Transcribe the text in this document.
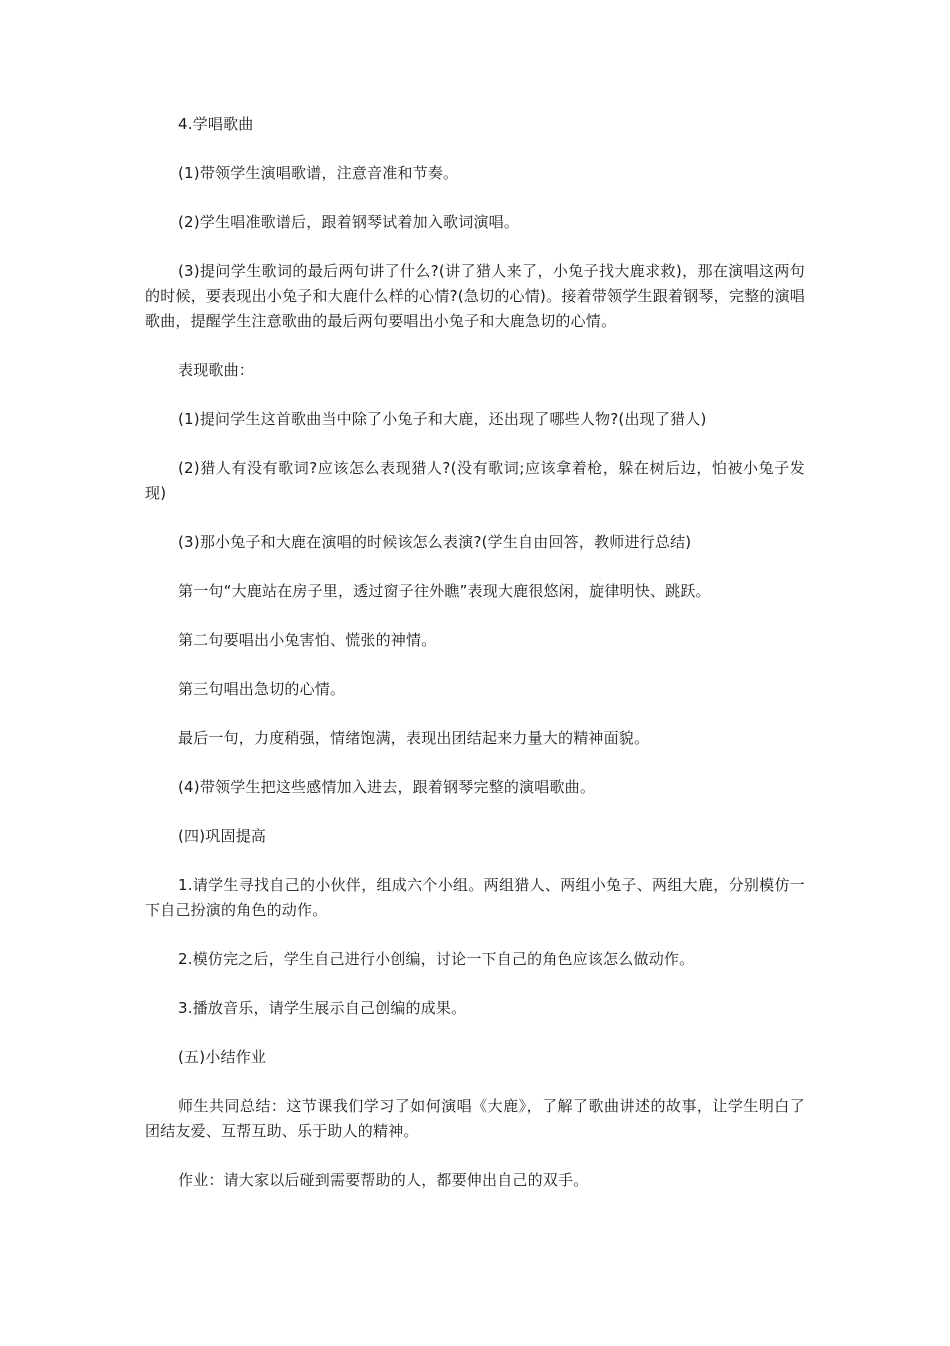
4.学唱歌曲

(1)带领学生演唱歌谱，注意音准和节奏。

(2)学生唱准歌谱后，跟着钢琴试着加入歌词演唱。

(3)提问学生歌词的最后两句讲了什么?(讲了猎人来了，小兔子找大鹿求救)，那在演唱这两句的时候，要表现出小兔子和大鹿什么样的心情?(急切的心情)。接着带领学生跟着钢琴，完整的演唱歌曲，提醒学生注意歌曲的最后两句要唱出小兔子和大鹿急切的心情。

表现歌曲：

(1)提问学生这首歌曲当中除了小兔子和大鹿，还出现了哪些人物?(出现了猎人)

(2)猎人有没有歌词?应该怎么表现猎人?(没有歌词;应该拿着枪，躲在树后边，怕被小兔子发现)

(3)那小兔子和大鹿在演唱的时候该怎么表演?(学生自由回答，教师进行总结)

第一句“大鹿站在房子里，透过窗子往外瞧”表现大鹿很悠闲，旋律明快、跳跃。

第二句要唱出小兔害怕、慌张的神情。

第三句唱出急切的心情。

最后一句，力度稍强，情绪饱满，表现出团结起来力量大的精神面貌。

(4)带领学生把这些感情加入进去，跟着钢琴完整的演唱歌曲。

(四)巩固提高

1.请学生寻找自己的小伙伴，组成六个小组。两组猎人、两组小兔子、两组大鹿，分别模仿一下自己扮演的角色的动作。

2.模仿完之后，学生自己进行小创编，讨论一下自己的角色应该怎么做动作。

3.播放音乐，请学生展示自己创编的成果。

(五)小结作业

师生共同总结：这节课我们学习了如何演唱《大鹿》，了解了歌曲讲述的故事，让学生明白了团结友爱、互帮互助、乐于助人的精神。

作业：请大家以后碰到需要帮助的人，都要伸出自己的双手。
